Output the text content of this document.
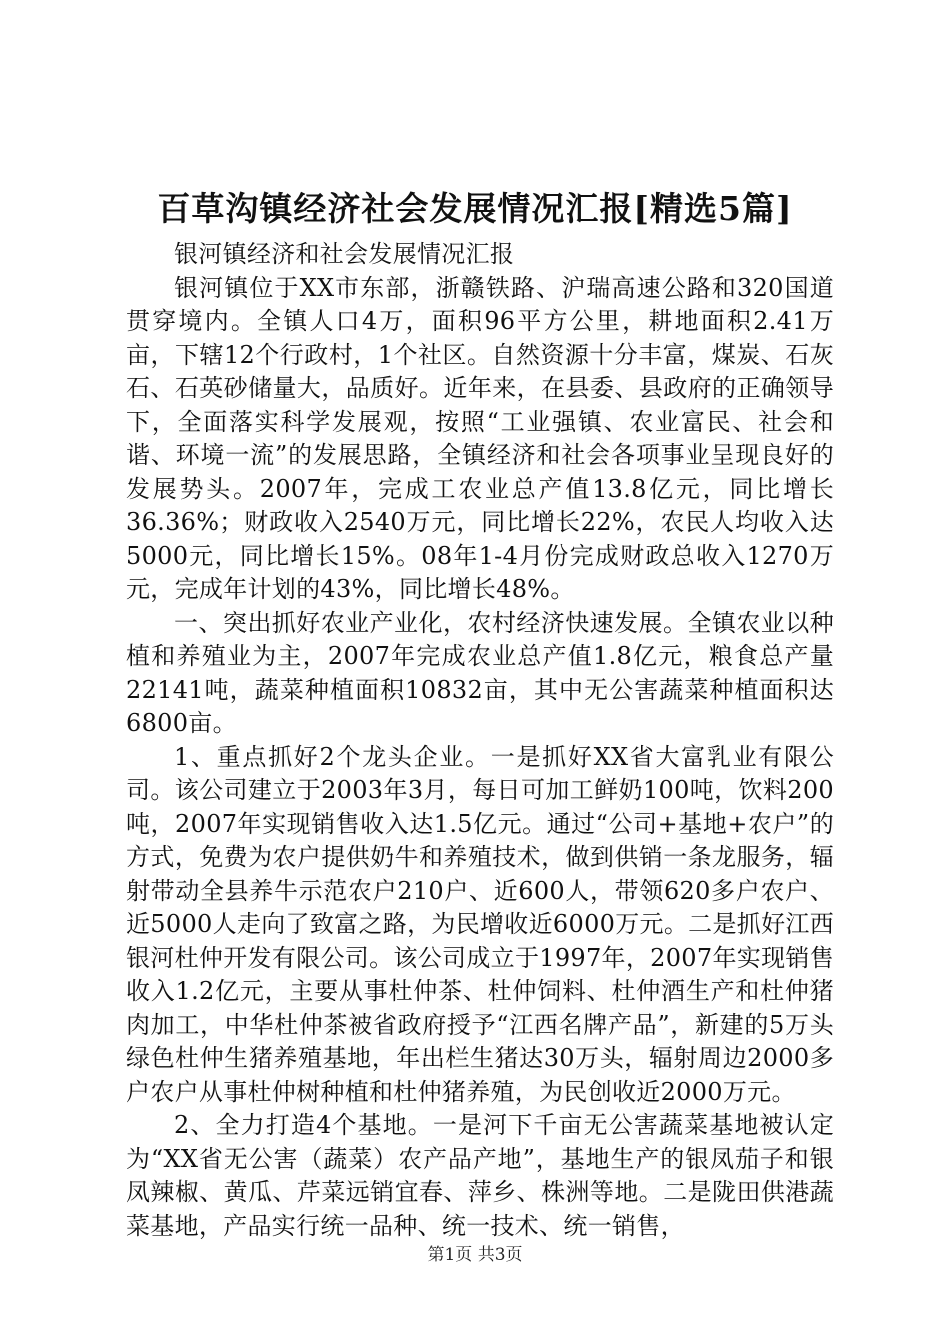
百草沟镇经济社会发展情况汇报[精选5篇]

银河镇经济和社会发展情况汇报

银河镇位于XX市东部，浙赣铁路、沪瑞高速公路和320国道贯穿境内。全镇人口4万，面积96平方公里，耕地面积2.41万亩，下辖12个行政村，1个社区。自然资源十分丰富，煤炭、石灰石、石英砂储量大，品质好。近年来，在县委、县政府的正确领导下，全面落实科学发展观，按照“工业强镇、农业富民、社会和谐、环境一流”的发展思路，全镇经济和社会各项事业呈现良好的发展势头。2007年，完成工农业总产值13.8亿元，同比增长36.36%；财政收入2540万元，同比增长22%，农民人均收入达5000元，同比增长15%。08年1-4月份完成财政总收入1270万元，完成年计划的43%，同比增长48%。

一、突出抓好农业产业化，农村经济快速发展。全镇农业以种植和养殖业为主，2007年完成农业总产值1.8亿元，粮食总产量22141吨，蔬菜种植面积10832亩，其中无公害蔬菜种植面积达6800亩。

1、重点抓好2个龙头企业。一是抓好XX省大富乳业有限公司。该公司建立于2003年3月，每日可加工鲜奶100吨，饮料200吨，2007年实现销售收入达1.5亿元。通过“公司+基地+农户”的方式，免费为农户提供奶牛和养殖技术，做到供销一条龙服务，辐射带动全县养牛示范农户210户、近600人，带领620多户农户、近5000人走向了致富之路，为民增收近6000万元。二是抓好江西银河杜仲开发有限公司。该公司成立于1997年，2007年实现销售收入1.2亿元，主要从事杜仲茶、杜仲饲料、杜仲酒生产和杜仲猪肉加工，中华杜仲茶被省政府授予“江西名牌产品”，新建的5万头绿色杜仲生猪养殖基地，年出栏生猪达30万头，辐射周边2000多户农户从事杜仲树种植和杜仲猪养殖，为民创收近2000万元。

2、全力打造4个基地。一是河下千亩无公害蔬菜基地被认定为“XX省无公害（蔬菜）农产品产地”，基地生产的银凤茄子和银凤辣椒、黄瓜、芹菜远销宜春、萍乡、株洲等地。二是陇田供港蔬菜基地，产品实行统一品种、统一技术、统一销售，

第1页 共3页
